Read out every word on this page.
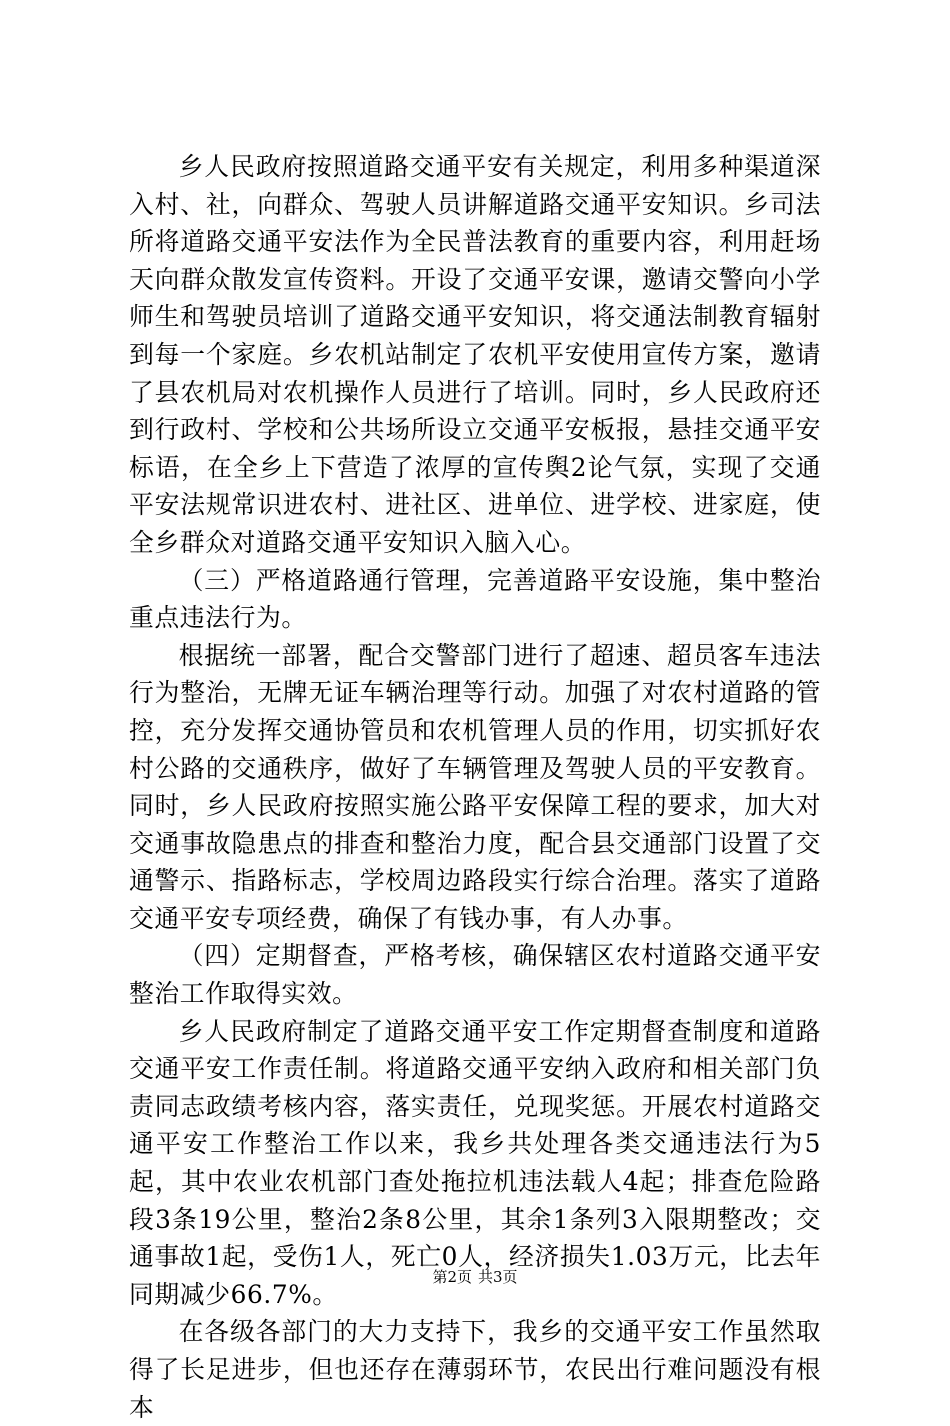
乡人民政府按照道路交通平安有关规定，利用多种渠道深入村、社，向群众、驾驶人员讲解道路交通平安知识。乡司法所将道路交通平安法作为全民普法教育的重要内容，利用赶场天向群众散发宣传资料。开设了交通平安课，邀请交警向小学师生和驾驶员培训了道路交通平安知识，将交通法制教育辐射到每一个家庭。乡农机站制定了农机平安使用宣传方案，邀请了县农机局对农机操作人员进行了培训。同时，乡人民政府还到行政村、学校和公共场所设立交通平安板报，悬挂交通平安标语，在全乡上下营造了浓厚的宣传舆2论气氛，实现了交通平安法规常识进农村、进社区、进单位、进学校、进家庭，使全乡群众对道路交通平安知识入脑入心。

（三）严格道路通行管理，完善道路平安设施，集中整治重点违法行为。

根据统一部署，配合交警部门进行了超速、超员客车违法行为整治，无牌无证车辆治理等行动。加强了对农村道路的管控，充分发挥交通协管员和农机管理人员的作用，切实抓好农村公路的交通秩序，做好了车辆管理及驾驶人员的平安教育。同时，乡人民政府按照实施公路平安保障工程的要求，加大对交通事故隐患点的排查和整治力度，配合县交通部门设置了交通警示、指路标志，学校周边路段实行综合治理。落实了道路交通平安专项经费，确保了有钱办事，有人办事。

（四）定期督查，严格考核，确保辖区农村道路交通平安整治工作取得实效。

乡人民政府制定了道路交通平安工作定期督查制度和道路交通平安工作责任制。将道路交通平安纳入政府和相关部门负责同志政绩考核内容，落实责任，兑现奖惩。开展农村道路交通平安工作整治工作以来，我乡共处理各类交通违法行为5起，其中农业农机部门查处拖拉机违法载人4起；排查危险路段3条19公里，整治2条8公里，其余1条列3入限期整改；交通事故1起，受伤1人，死亡0人，经济损失1.03万元，比去年同期减少66.7%。

在各级各部门的大力支持下，我乡的交通平安工作虽然取得了长足进步，但也还存在薄弱环节，农民出行难问题没有根本

第2页 共3页
